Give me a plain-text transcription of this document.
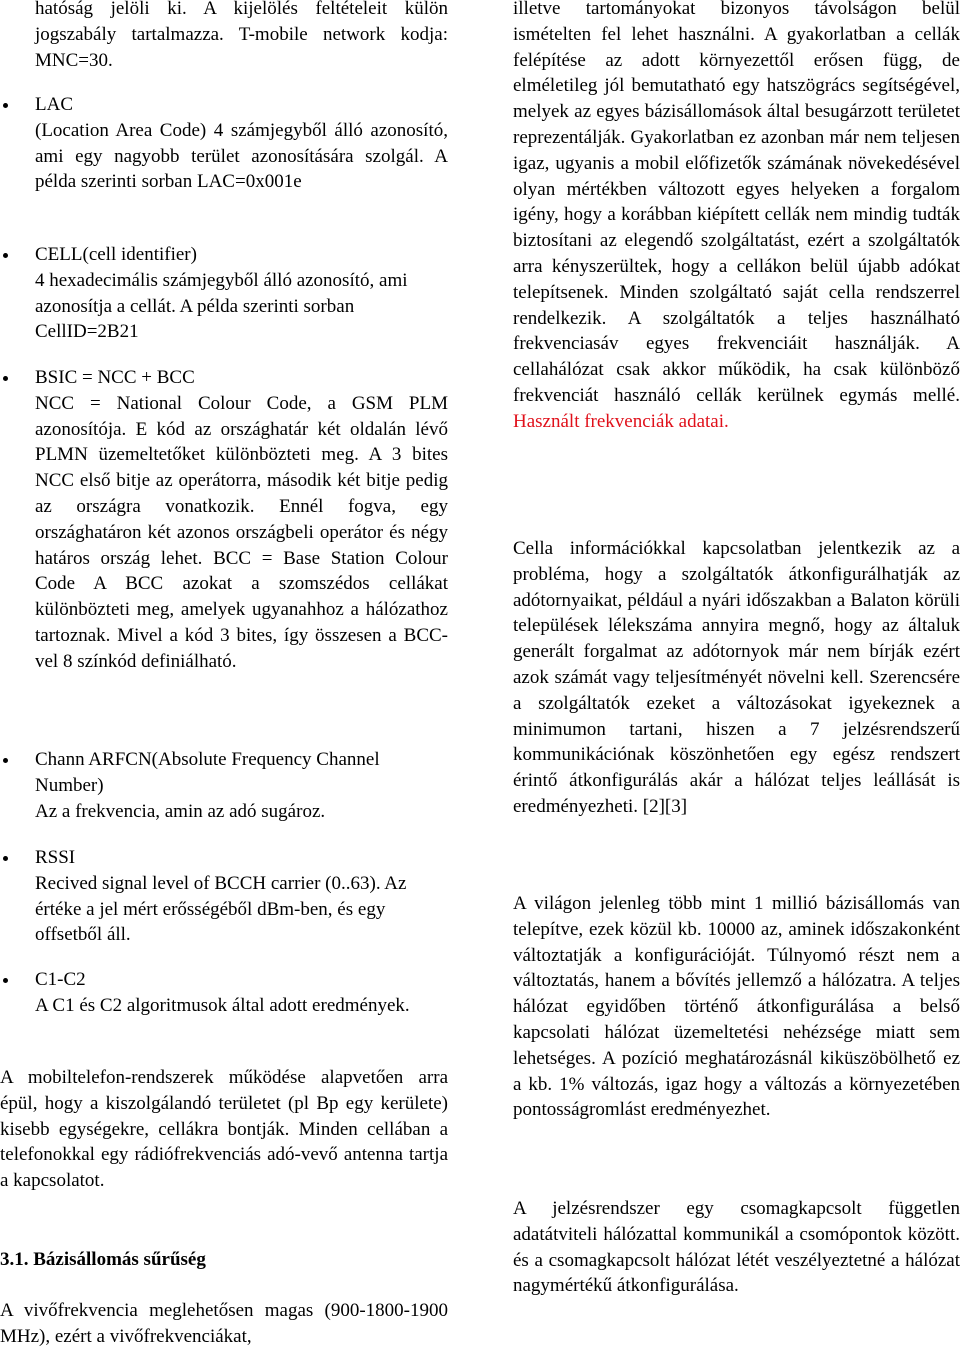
hatóság jelöli ki. A kijelölés feltételeit külön jogszabály tartalmazza. T-mobile network kodja: MNC=30.

LAC

(Location Area Code) 4 számjegyből álló azonosító, ami egy nagyobb terület azonosítására szolgál. A példa szerinti sorban LAC=0x001e

CELL(cell identifier)

4 hexadecimális számjegyből álló azonosító, ami azonosítja a cellát. A példa szerinti sorban CellID=2B21

BSIC = NCC + BCC

NCC = National Colour Code, a GSM PLM azonosítója. E kód az országhatár két oldalán lévő PLMN üzemeltetőket különbözteti meg. A 3 bites NCC első bitje az operátorra, második két bitje pedig az országra vonatkozik. Ennél fogva, egy országhatáron két azonos országbeli operátor és négy határos ország lehet. BCC = Base Station Colour Code A BCC azokat a szomszédos cellákat különbözteti meg, amelyek ugyanahhoz a hálózathoz tartoznak. Mivel a kód 3 bites, így összesen a BCC-vel 8 színkód definiálható.

Chann ARFCN(Absolute Frequency Channel Number)

Az a frekvencia, amin az adó sugároz.

RSSI

Recived signal level of BCCH carrier (0..63). Az értéke a jel mért erősségéből dBm-ben, és egy offsetből áll.

C1-C2

A C1 és C2 algoritmusok által adott eredmények.

A mobiltelefon-rendszerek működése alapvetően arra épül, hogy a kiszolgálandó területet (pl Bp egy kerülete) kisebb egységekre, cellákra bontják. Minden cellában a telefonokkal egy rádiófrekvenciás adó-vevő antenna tartja a kapcsolatot.

3.1. Bázisállomás sűrűség

A vivőfrekvencia meglehetősen magas (900-1800-1900 MHz), ezért a vivőfrekvenciákat,

illetve tartományokat bizonyos távolságon belül ismételten fel lehet használni. A gyakorlatban a cellák felépítése az adott környezettől erősen függ, de elméletileg jól bemutatható egy hatszögrács segítségével, melyek az egyes bázisállomások által besugárzott területet reprezentálják. Gyakorlatban ez azonban már nem teljesen igaz, ugyanis a mobil előfizetők számának növekedésével olyan mértékben változott egyes helyeken a forgalom igény, hogy a korábban kiépített cellák nem mindig tudták biztosítani az elegendő szolgáltatást, ezért a szolgáltatók arra kényszerültek, hogy a cellákon belül újabb adókat telepítsenek. Minden szolgáltató saját cella rendszerrel rendelkezik. A szolgáltatók a teljes használható frekvenciasáv egyes frekvenciáit használják. A cellahálózat csak akkor működik, ha csak különböző frekvenciát használó cellák kerülnek egymás mellé. Használt frekvenciák adatai.

Cella információkkal kapcsolatban jelentkezik az a probléma, hogy a szolgáltatók átkonfigurálhatják az adótornyaikat, például a nyári időszakban a Balaton körüli települések lélekszáma annyira megnő, hogy az általuk generált forgalmat az adótornyok már nem bírják ezért azok számát vagy teljesítményét növelni kell. Szerencsére a szolgáltatók ezeket a változásokat igyekeznek a minimumon tartani, hiszen a 7 jelzésrendszerű kommunikációnak köszönhetően egy egész rendszert érintő átkonfigurálás akár a hálózat teljes leállását is eredményezheti. [2][3]

A világon jelenleg több mint 1 millió bázisállomás van telepítve, ezek közül kb. 10000 az, aminek időszakonként változtatják a konfigurációját. Túlnyomó részt nem a változtatás, hanem a bővítés jellemző a hálózatra. A teljes hálózat egyidőben történő átkonfigurálása a belső kapcsolati hálózat üzemeltetési nehézsége miatt sem lehetséges. A pozíció meghatározásnál kiküszöbölhető ez a kb. 1% változás, igaz hogy a változás a környezetében pontosságromlást eredményezhet.

A jelzésrendszer egy csomagkapcsolt független adatátviteli hálózattal kommunikál a csomópontok között. és a csomagkapcsolt hálózat létét veszélyeztetné a hálózat nagymértékű átkonfigurálása.
